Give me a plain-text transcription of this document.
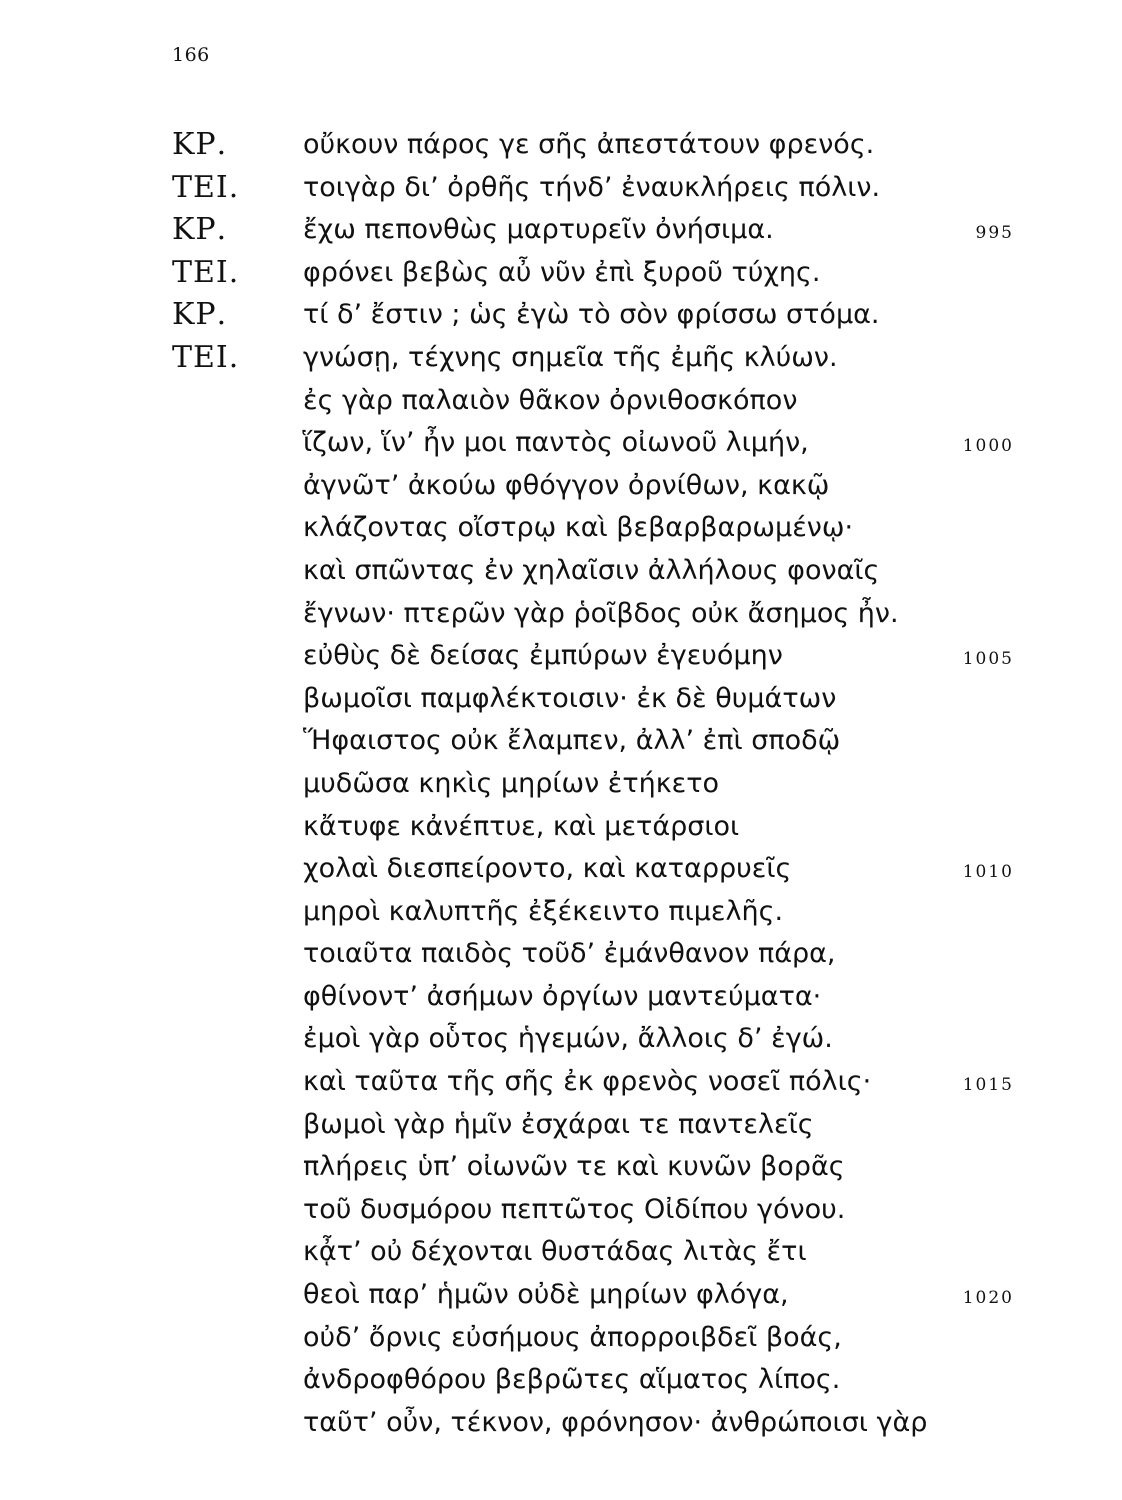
166
ΚΡ.	οὔκουν πάρος γε σῆς ἀπεστάτουν φρενός.
ΤΕΙ. τοιγὰρ δι’ ὀρθῆς τήνδ’ ἐναυκλήρεις πόλιν.
ΚΡ.	ἔχω πεπονθὼς μαρτυρεῖν ὀνήσιμα.	995
ΤΕΙ. φρόνει βεβὼς αὖ νῦν ἐπὶ ξυροῦ τύχης.
ΚΡ.	τί δ’ ἔστιν ; ὡς ἐγὼ τὸ σὸν φρίσσω στόμα.
ΤΕΙ. γνώσῃ, τέχνης σημεῖα τῆς ἐμῆς κλύων.
ἐς γὰρ παλαιὸν θᾶκον ὀρνιθοσκόπον
ἵζων, ἵν’ ἦν μοι παντὸς οἰωνοῦ λιμήν,	1000
ἀγνῶτ’ ἀκούω φθόγγον ὀρνίθων, κακῷ
κλάζοντας οἴστρῳ καὶ βεβαρβαρωμένῳ·
καὶ σπῶντας ἐν χηλαῖσιν ἀλλήλους φοναῖς
ἔγνων· πτερῶν γὰρ ῥοῖβδος οὐκ ἄσημος ἦν.
εὐθὺς δὲ δείσας ἐμπύρων ἐγευόμην	1005
βωμοῖσι παμφλέκτοισιν· ἐκ δὲ θυμάτων
Ἥφαιστος οὐκ ἔλαμπεν, ἀλλ’ ἐπὶ σποδῷ
μυδῶσα κηκὶς μηρίων ἐτήκετο
κἄτυφε κἀνέπτυε, καὶ μετάρσιοι
χολαὶ διεσπείροντο, καὶ καταρρυεῖς	1010
μηροὶ καλυπτῆς ἐξέκειντο πιμελῆς.
τοιαῦτα παιδὸς τοῦδ’ ἐμάνθανον πάρα,
φθίνοντ’ ἀσήμων ὀργίων μαντεύματα·
ἐμοὶ γὰρ οὗτος ἡγεμών, ἄλλοις δ’ ἐγώ.
καὶ ταῦτα τῆς σῆς ἐκ φρενὸς νοσεῖ πόλις·	1015
βωμοὶ γὰρ ἡμῖν ἐσχάραι τε παντελεῖς
πλήρεις ὑπ’ οἰωνῶν τε καὶ κυνῶν βορᾶς
τοῦ δυσμόρου πεπτῶτος Οἰδίπου γόνου.
κᾆτ’ οὐ δέχονται θυστάδας λιτὰς ἔτι
θεοὶ παρ’ ἡμῶν οὐδὲ μηρίων φλόγα,	1020
οὐδ’ ὄρνις εὐσήμους ἀπορροιβδεῖ βοάς,
ἀνδροφθόρου βεβρῶτες αἵματος λίπος.
ταῦτ’ οὖν, τέκνον, φρόνησον· ἀνθρώποισι γὰρ
